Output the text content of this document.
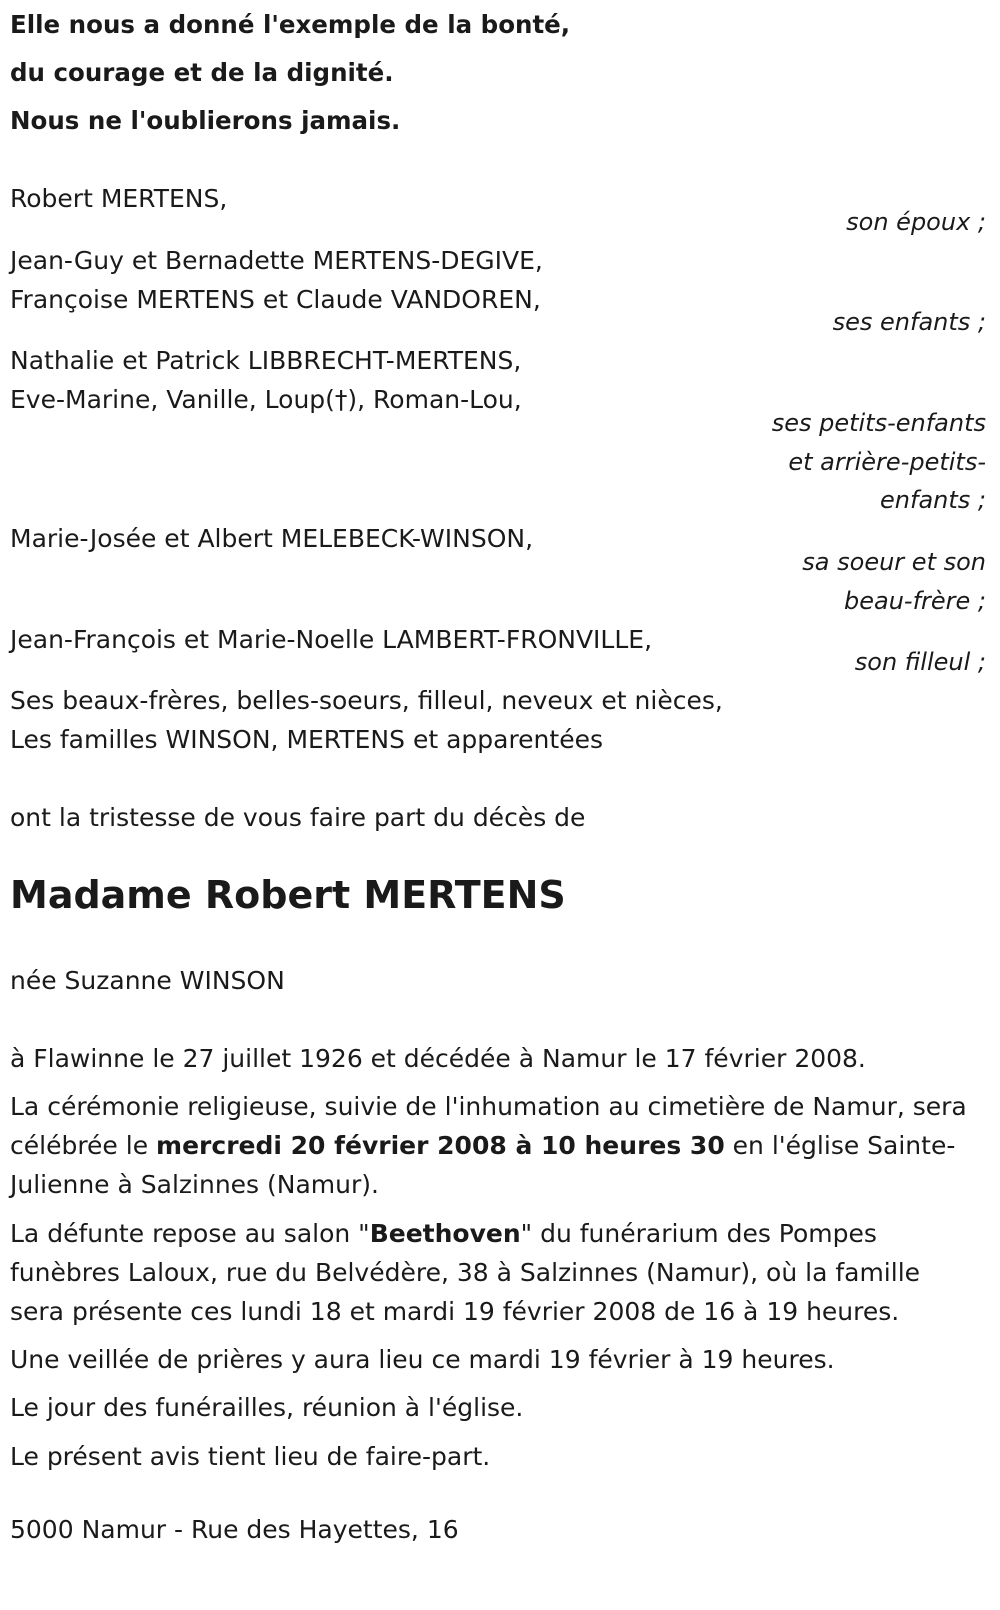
Elle nous a donné l'exemple de la bonté,
du courage et de la dignité.
Nous ne l'oublierons jamais.
Robert MERTENS,
son époux ;
Jean-Guy et Bernadette MERTENS-DEGIVE,
Françoise MERTENS et Claude VANDOREN,
ses enfants ;
Nathalie et Patrick LIBBRECHT-MERTENS,
Eve-Marine, Vanille, Loup(†), Roman-Lou,
ses petits-enfants
et arrière-petits-
enfants ;
Marie-Josée et Albert MELEBECK-WINSON,
sa soeur et son
beau-frère ;
Jean-François et Marie-Noelle LAMBERT-FRONVILLE,
son filleul ;
Ses beaux-frères, belles-soeurs, filleul, neveux et nièces,
Les familles WINSON, MERTENS et apparentées
ont la tristesse de vous faire part du décès de
Madame Robert MERTENS
née Suzanne WINSON
à Flawinne le 27 juillet 1926 et décédée à Namur le 17 février 2008.
La cérémonie religieuse, suivie de l'inhumation au cimetière de Namur, sera célébrée le mercredi 20 février 2008 à 10 heures 30 en l'église Sainte-Julienne à Salzinnes (Namur).
La défunte repose au salon "Beethoven" du funérarium des Pompes funèbres Laloux, rue du Belvédère, 38 à Salzinnes (Namur), où la famille sera présente ces lundi 18 et mardi 19 février 2008 de 16 à 19 heures.
Une veillée de prières y aura lieu ce mardi 19 février à 19 heures.
Le jour des funérailles, réunion à l'église.
Le présent avis tient lieu de faire-part.
5000 Namur - Rue des Hayettes, 16
